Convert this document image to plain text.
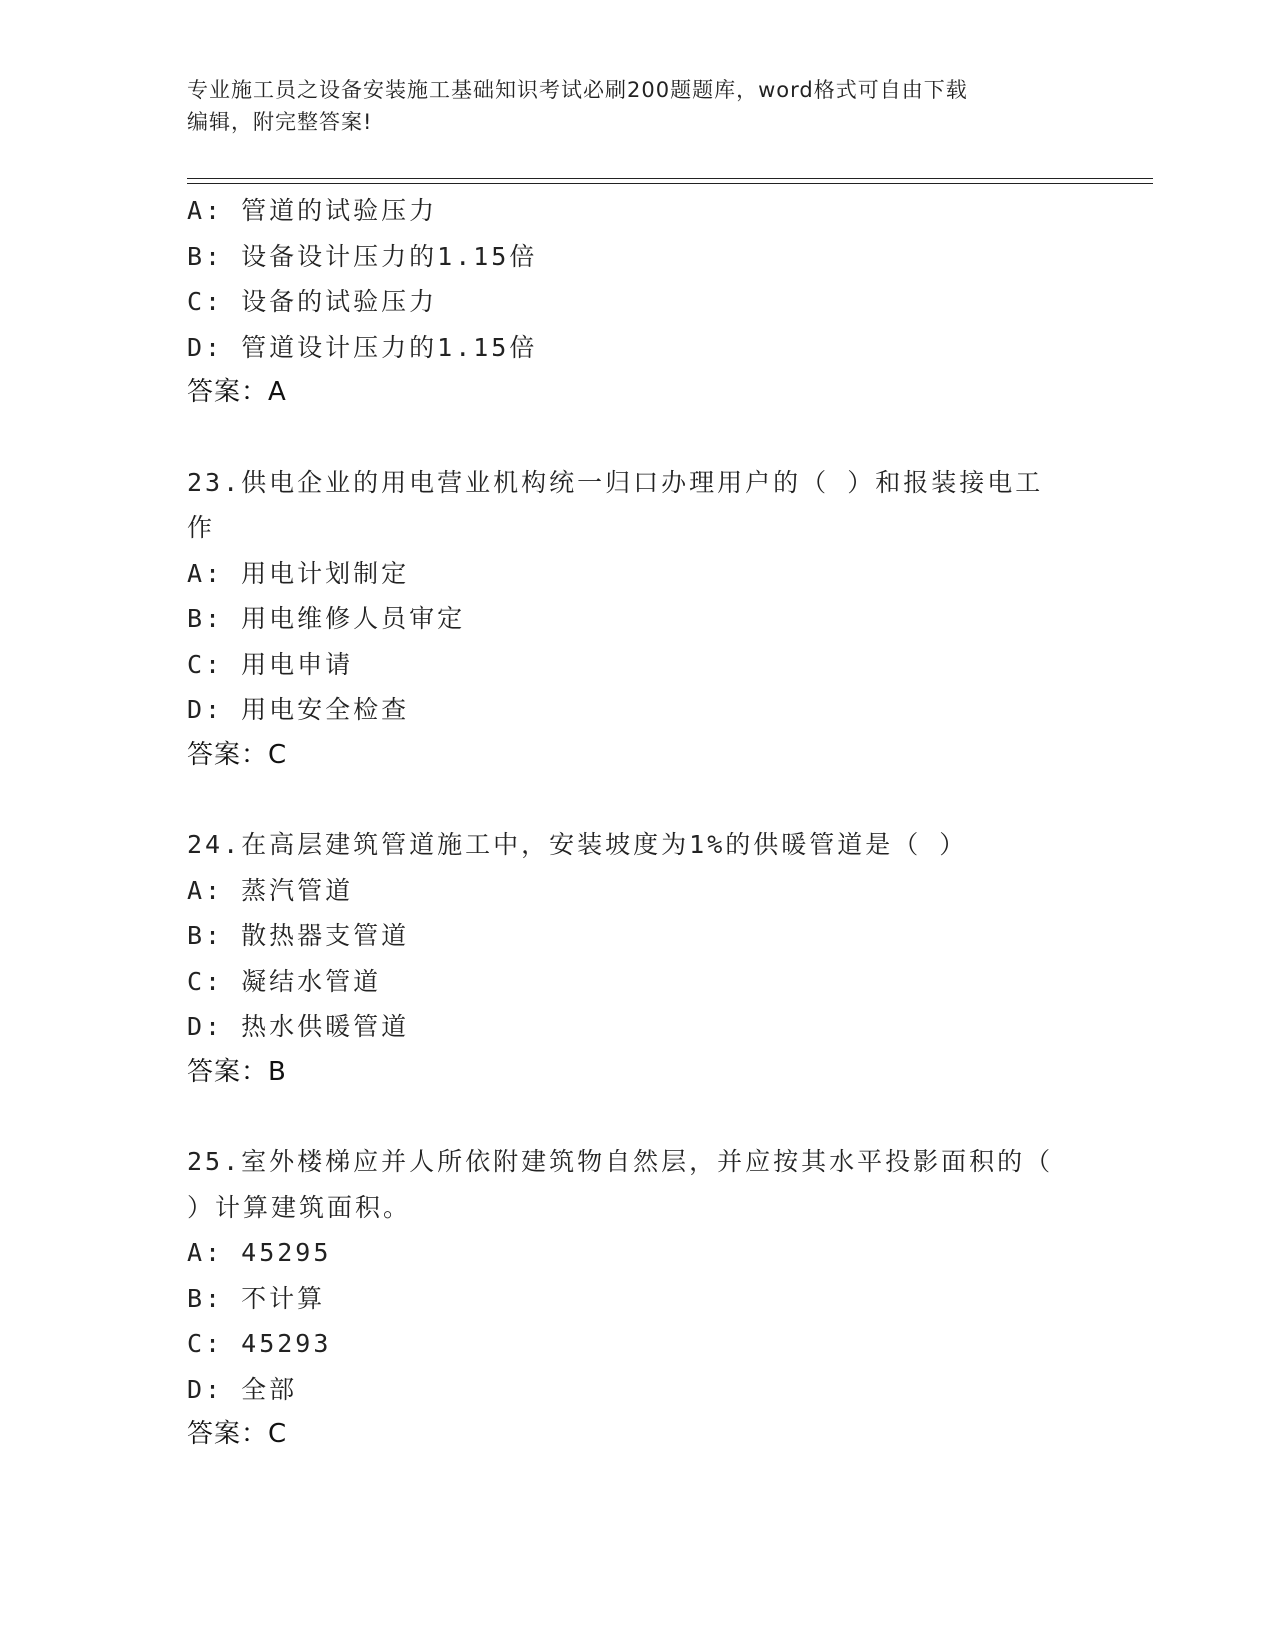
专业施工员之设备安装施工基础知识考试必刷200题题库，word格式可自由下载
编辑，附完整答案!
A: 管道的试验压力
B: 设备设计压力的1.15倍
C: 设备的试验压力
D: 管道设计压力的1.15倍
答案：A
23.供电企业的用电营业机构统一归口办理用户的（ ）和报装接电工
作
A: 用电计划制定
B: 用电维修人员审定
C: 用电申请
D: 用电安全检查
答案：C
24.在高层建筑管道施工中，安装坡度为1%的供暖管道是（ ）
A: 蒸汽管道
B: 散热器支管道
C: 凝结水管道
D: 热水供暖管道
答案：B
25.室外楼梯应并人所依附建筑物自然层，并应按其水平投影面积的（
）计算建筑面积。
A: 45295
B: 不计算
C: 45293
D: 全部
答案：C
